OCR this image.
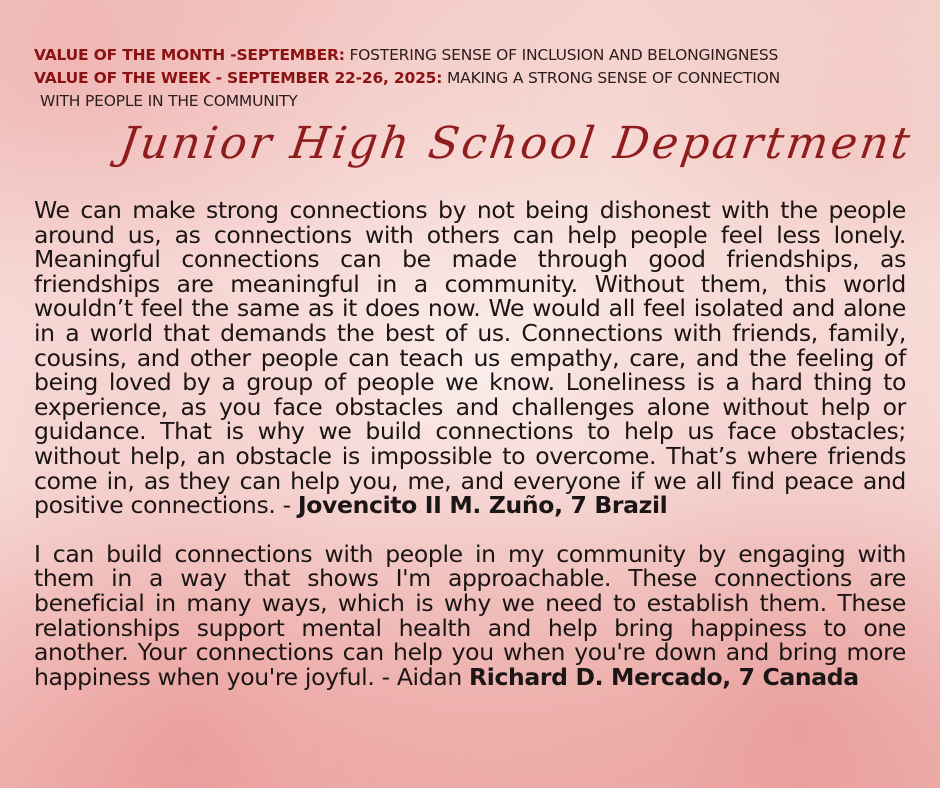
VALUE OF THE MONTH -SEPTEMBER: FOSTERING SENSE OF INCLUSION AND BELONGINGNESS
VALUE OF THE WEEK - SEPTEMBER 22-26, 2025: MAKING A STRONG SENSE OF CONNECTION
WITH PEOPLE IN THE COMMUNITY
Junior High School Department

We can make strong connections by not being dishonest with the people around us, as connections with others can help people feel less lonely. Meaningful connections can be made through good friendships, as friendships are meaningful in a community. Without them, this world wouldn’t feel the same as it does now. We would all feel isolated and alone in a world that demands the best of us. Connections with friends, family, cousins, and other people can teach us empathy, care, and the feeling of being loved by a group of people we know. Loneliness is a hard thing to experience, as you face obstacles and challenges alone without help or guidance. That is why we build connections to help us face obstacles; without help, an obstacle is impossible to overcome. That’s where friends come in, as they can help you, me, and everyone if we all find peace and positive connections. - Jovencito II M. Zuño, 7 Brazil

I can build connections with people in my community by engaging with them in a way that shows I'm approachable. These connections are beneficial in many ways, which is why we need to establish them. These relationships support mental health and help bring happiness to one another. Your connections can help you when you're down and bring more happiness when you're joyful. - Aidan Richard D. Mercado, 7 Canada
